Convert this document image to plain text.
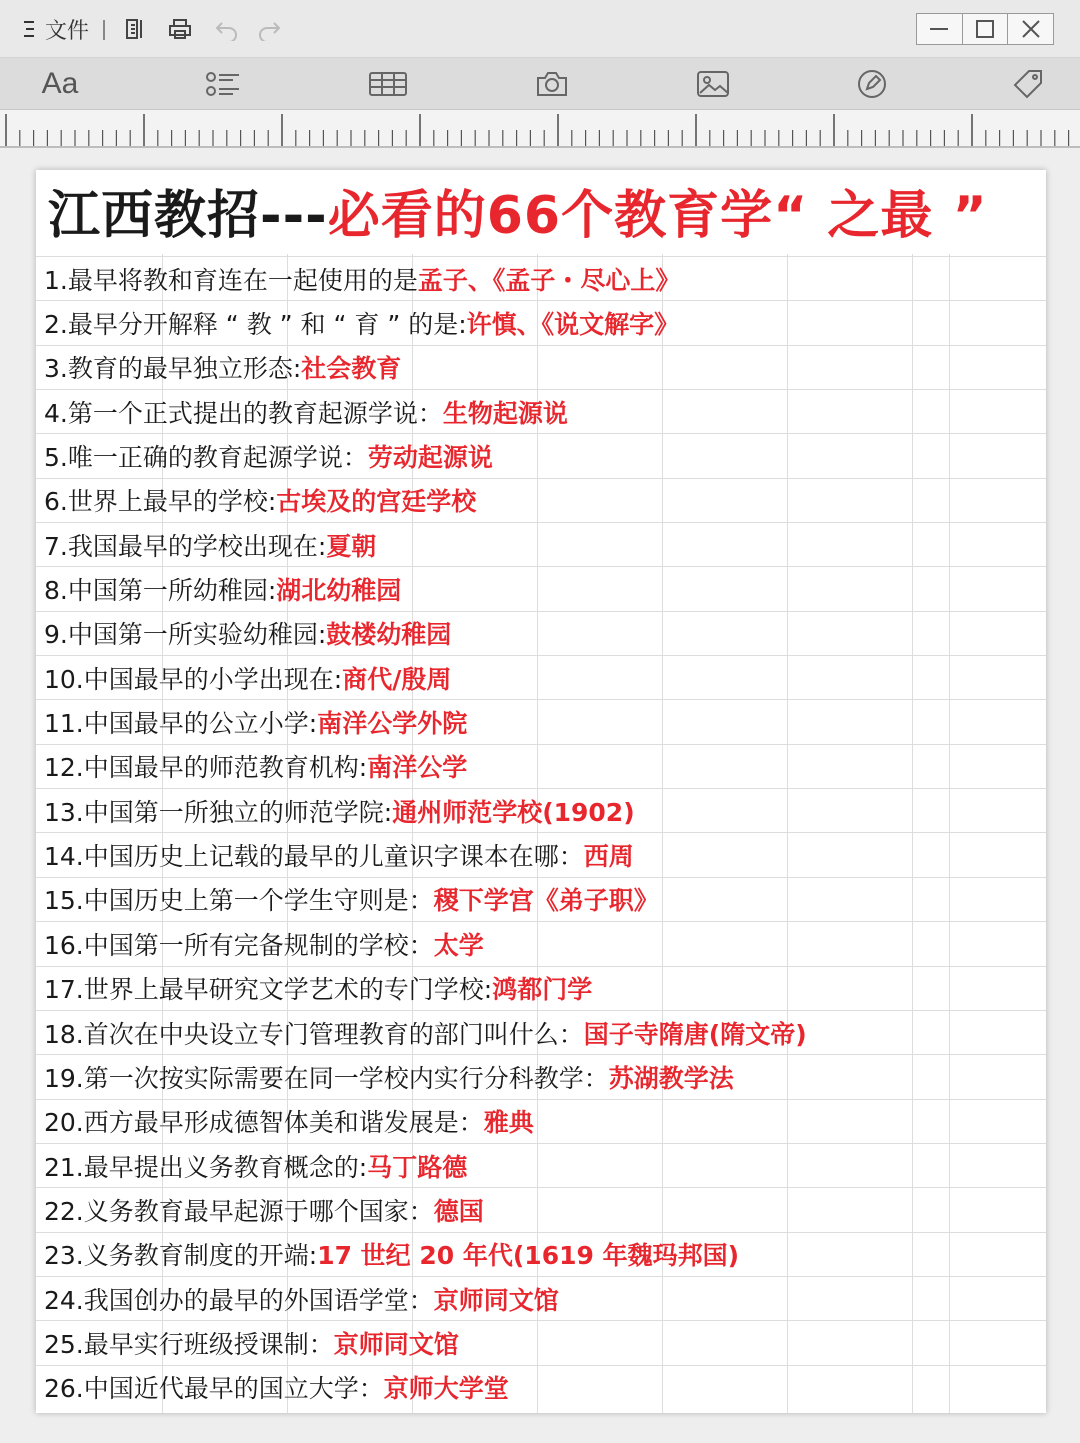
文件
Aa
江西教招---必看的66个教育学“ 之最 ”
1.最早将教和育连在一起使用的是 孟子、《孟子・尽心上》
2.最早分开解释 “ 教 ” 和 “ 育 ” 的是: 许慎、《说文解字》
3.教育的最早独立形态: 社会教育
4.第一个正式提出的教育起源学说： 生物起源说
5.唯一正确的教育起源学说： 劳动起源说
6.世界上最早的学校: 古埃及的宫廷学校
7.我国最早的学校出现在: 夏朝
8.中国第一所幼稚园: 湖北幼稚园
9.中国第一所实验幼稚园: 鼓楼幼稚园
10.中国最早的小学出现在: 商代/殷周
11.中国最早的公立小学: 南洋公学外院
12.中国最早的师范教育机构: 南洋公学
13.中国第一所独立的师范学院: 通州师范学校(1902)
14.中国历史上记载的最早的儿童识字课本在哪： 西周
15.中国历史上第一个学生守则是： 稷下学宫《弟子职》
16.中国第一所有完备规制的学校： 太学
17.世界上最早研究文学艺术的专门学校: 鸿都门学
18.首次在中央设立专门管理教育的部门叫什么： 国子寺隋唐(隋文帝)
19.第一次按实际需要在同一学校内实行分科教学： 苏湖教学法
20.西方最早形成德智体美和谐发展是： 雅典
21.最早提出义务教育概念的: 马丁路德
22.义务教育最早起源于哪个国家： 德国
23.义务教育制度的开端: 17 世纪 20 年代(1619 年魏玛邦国)
24.我国创办的最早的外国语学堂： 京师同文馆
25.最早实行班级授课制： 京师同文馆
26.中国近代最早的国立大学： 京师大学堂
